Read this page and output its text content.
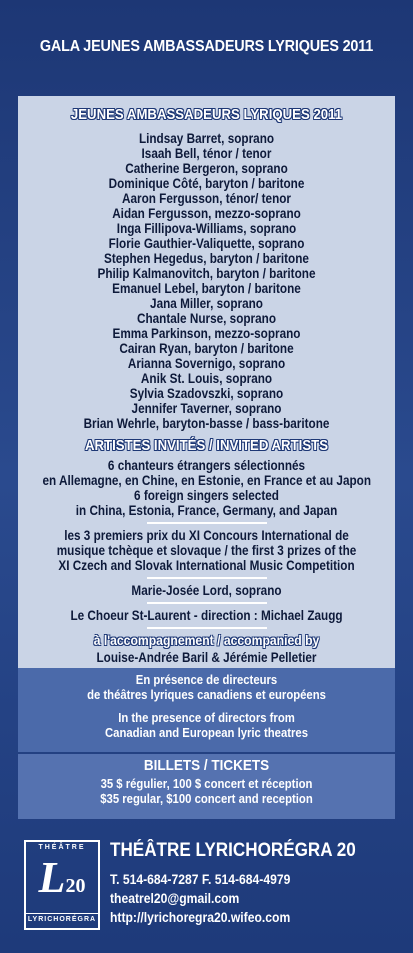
GALA JEUNES AMBASSADEURS LYRIQUES 2011
JEUNES AMBASSADEURS LYRIQUES 2011
Lindsay Barret, soprano
Isaah Bell, ténor / tenor
Catherine Bergeron, soprano
Dominique Côté, baryton / baritone
Aaron Fergusson, ténor/ tenor
Aidan Fergusson, mezzo-soprano
Inga Fillipova-Williams, soprano
Florie Gauthier-Valiquette, soprano
Stephen Hegedus, baryton / baritone
Philip Kalmanovitch, baryton / baritone
Emanuel Lebel, baryton / baritone
Jana Miller, soprano
Chantale Nurse, soprano
Emma Parkinson, mezzo-soprano
Cairan Ryan, baryton / baritone
Arianna Sovernigo, soprano
Anik St. Louis, soprano
Sylvia Szadovszki, soprano
Jennifer Taverner, soprano
Brian Wehrle, baryton-basse / bass-baritone
ARTISTES INVITÉS / INVITED ARTISTS
6 chanteurs étrangers sélectionnés
en Allemagne, en Chine, en Estonie, en France et au Japon
6 foreign singers selected
in China, Estonia, France, Germany, and Japan
les 3 premiers prix du XI Concours International de
musique tchèque et slovaque / the first 3 prizes of the
XI Czech and Slovak International Music Competition
Marie-Josée Lord, soprano
Le Choeur St-Laurent - direction : Michael Zaugg
à l'accompagnement / accompanied by
Louise-Andrée Baril & Jérémie Pelletier
En présence de directeurs
de théâtres lyriques canadiens et européens
In the presence of directors from
Canadian and European lyric theatres
BILLETS / TICKETS
35 $ régulier, 100 $ concert et réception
$35 regular, $100 concert and reception
THÉÂTRE
L20
LYRICHORÉGRA
THÉÂTRE LYRICHORÉGRA 20
T. 514-684-7287 F. 514-684-4979
theatrel20@gmail.com
http://lyrichoregra20.wifeo.com
